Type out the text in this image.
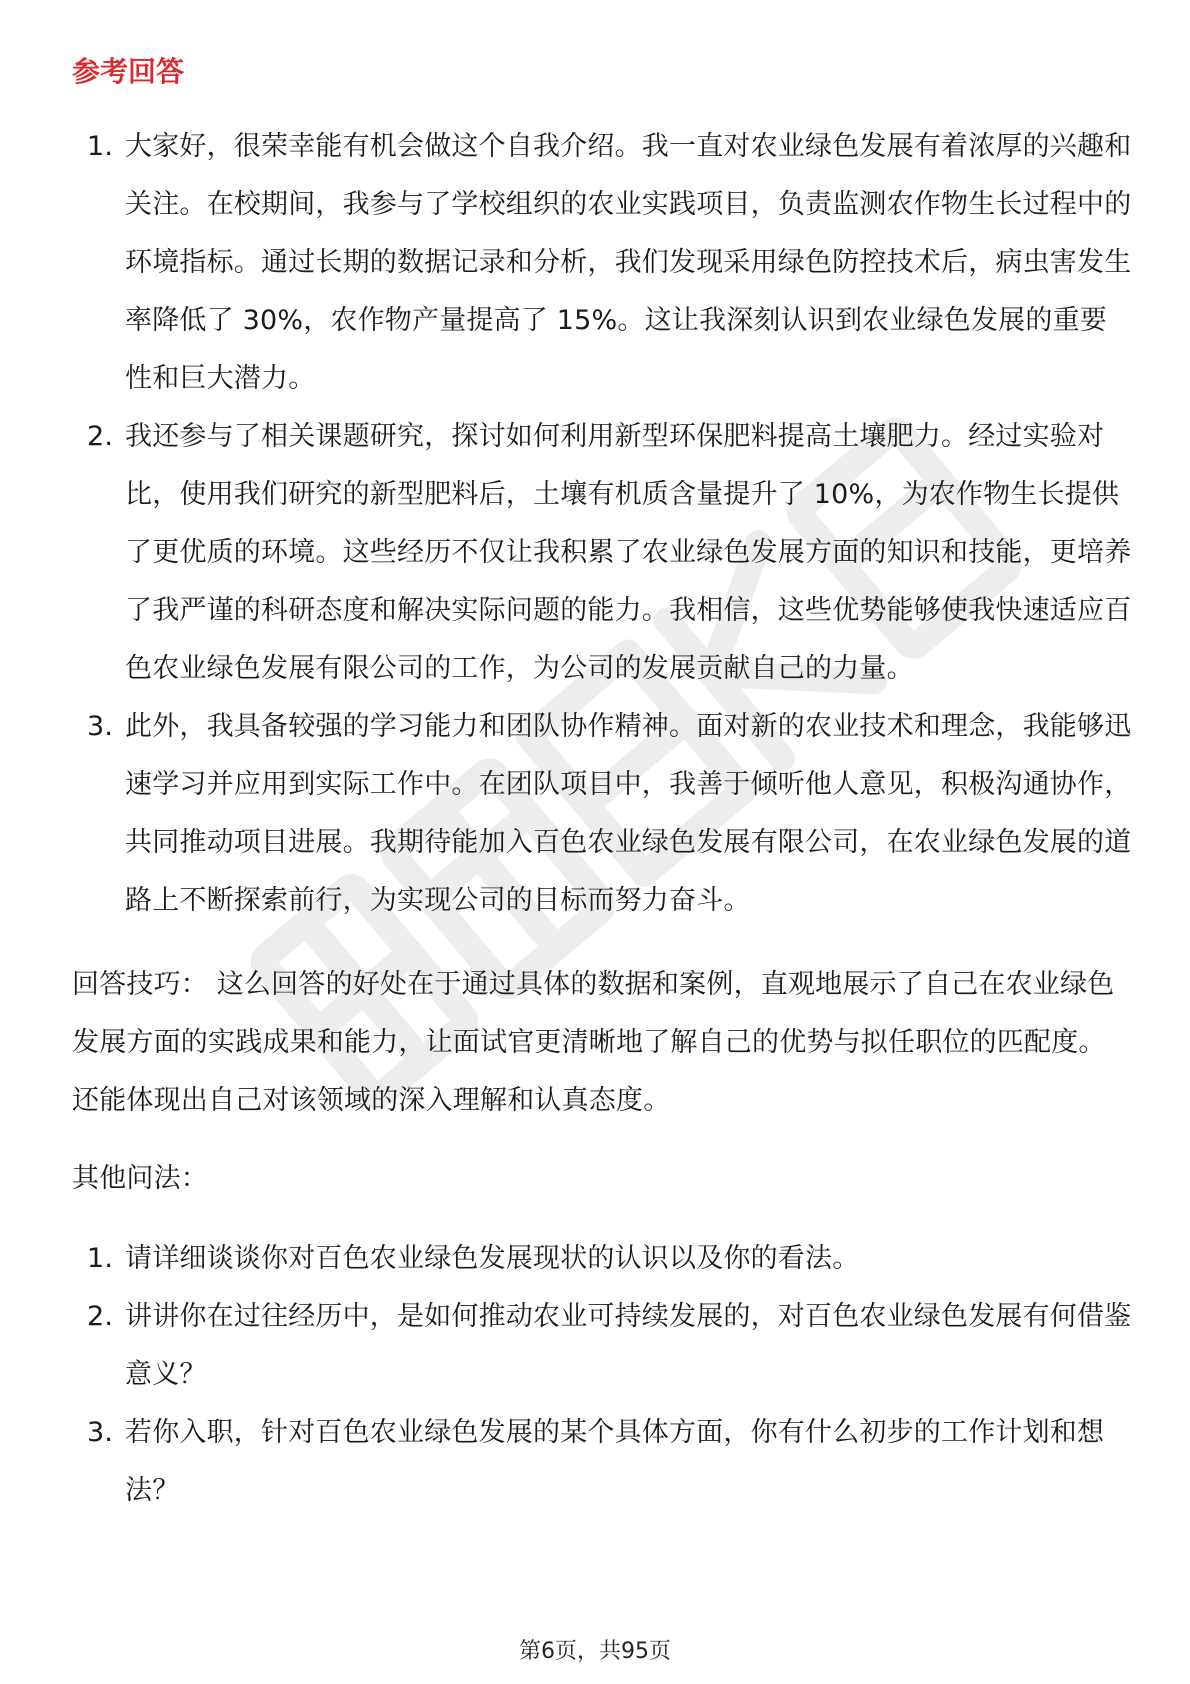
参考回答
1. 大家好，很荣幸能有机会做这个自我介绍。我一直对农业绿色发展有着浓厚的兴趣和关注。在校期间，我参与了学校组织的农业实践项目，负责监测农作物生长过程中的环境指标。通过长期的数据记录和分析，我们发现采用绿色防控技术后，病虫害发生率降低了 30%，农作物产量提高了 15%。这让我深刻认识到农业绿色发展的重要性和巨大潜力。
2. 我还参与了相关课题研究，探讨如何利用新型环保肥料提高土壤肥力。经过实验对比，使用我们研究的新型肥料后，土壤有机质含量提升了 10%，为农作物生长提供了更优质的环境。这些经历不仅让我积累了农业绿色发展方面的知识和技能，更培养了我严谨的科研态度和解决实际问题的能力。我相信，这些优势能够使我快速适应百色农业绿色发展有限公司的工作，为公司的发展贡献自己的力量。
3. 此外，我具备较强的学习能力和团队协作精神。面对新的农业技术和理念，我能够迅速学习并应用到实际工作中。在团队项目中，我善于倾听他人意见，积极沟通协作，共同推动项目进展。我期待能加入百色农业绿色发展有限公司，在农业绿色发展的道路上不断探索前行，为实现公司的目标而努力奋斗。

回答技巧： 这么回答的好处在于通过具体的数据和案例，直观地展示了自己在农业绿色发展方面的实践成果和能力，让面试官更清晰地了解自己的优势与拟任职位的匹配度。还能体现出自己对该领域的深入理解和认真态度。

其他问法：

1. 请详细谈谈你对百色农业绿色发展现状的认识以及你的看法。
2. 讲讲你在过往经历中，是如何推动农业可持续发展的，对百色农业绿色发展有何借鉴意义？
3. 若你入职，针对百色农业绿色发展的某个具体方面，你有什么初步的工作计划和想法？
第6页，共95页
